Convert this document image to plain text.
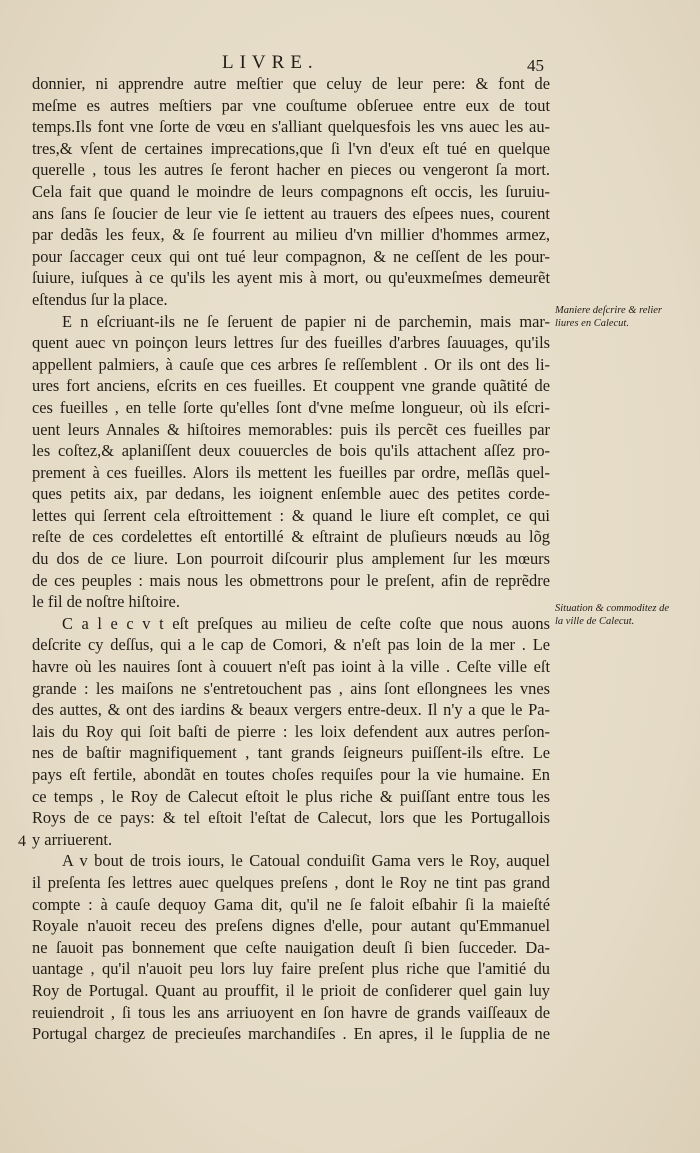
LIVRE.	45
donnier, ni apprendre autre meſtier que celuy de leur pere: & font de
meſme es autres meſtiers par vne couſtume obſeruee entre eux de tout
temps.Ils font vne ſorte de vœu en s'alliant quelquesfois les vns auec les au-
tres,& vſent de certaines imprecations,que ſi l'vn d'eux eſt tué en quelque
querelle , tous les autres ſe feront hacher en pieces ou vengeront ſa mort.
Cela fait que quand le moindre de leurs compagnons eſt occis, les ſuruiu-
ans ſans ſe ſoucier de leur vie ſe iettent au trauers des eſpees nues, courent
par dedãs les feux, & ſe fourrent au milieu d'vn millier d'hommes armez,
pour ſaccager ceux qui ont tué leur compagnon, & ne ceſſent de les pour-
ſuiure, iuſques à ce qu'ils les ayent mis à mort, ou qu'euxmeſmes demeurẽt
eſtendus ſur la place.
E n eſcriuant-ils ne ſe ſeruent de papier ni de parchemin, mais mar-
quent auec vn poinçon leurs lettres ſur des fueilles d'arbres ſauuages, qu'ils
appellent palmiers, à cauſe que ces arbres ſe reſſemblent . Or ils ont des li-
ures fort anciens, eſcrits en ces fueilles. Et couppent vne grande quãtité de
ces fueilles , en telle ſorte qu'elles ſont d'vne meſme longueur, où ils eſcri-
uent leurs Annales & hiſtoires memorables: puis ils percẽt ces fueilles par
les coſtez,& aplaniſſent deux couuercles de bois qu'ils attachent aſſez pro-
prement à ces fueilles. Alors ils mettent les fueilles par ordre, meſlãs quel-
ques petits aix, par dedans, les ioignent enſemble auec des petites corde-
lettes qui ſerrent cela eſtroittement : & quand le liure eſt complet, ce qui
reſte de ces cordelettes eſt entortillé & eſtraint de pluſieurs nœuds au lõg
du dos de ce liure. Lon pourroit diſcourir plus amplement ſur les mœurs
de ces peuples : mais nous les obmettrons pour le preſent, afin de reprẽdre
le fil de noſtre hiſtoire.
C a l e c v t eſt preſques au milieu de ceſte coſte que nous auons
deſcrite cy deſſus, qui a le cap de Comori, & n'eſt pas loin de la mer . Le
havre où les nauires ſont à couuert n'eſt pas ioint à la ville . Ceſte ville eſt
grande : les maiſons ne s'entretouchent pas , ains ſont eſlongnees les vnes
des auttes, & ont des iardins & beaux vergers entre-deux. Il n'y a que le Pa-
lais du Roy qui ſoit baſti de pierre : les loix defendent aux autres perſon-
nes de baſtir magnifiquement , tant grands ſeigneurs puiſſent-ils eſtre. Le
pays eſt fertile, abondãt en toutes choſes requiſes pour la vie humaine. En
ce temps , le Roy de Calecut eſtoit le plus riche & puiſſant entre tous les
Roys de ce pays: & tel eſtoit l'eſtat de Calecut, lors que les Portugallois
y arriuerent.
A v bout de trois iours, le Catoual conduiſit Gama vers le Roy, auquel
il preſenta ſes lettres auec quelques preſens , dont le Roy ne tint pas grand
compte : à cauſe dequoy Gama dit, qu'il ne ſe faloit eſbahir ſi la maieſté
Royale n'auoit receu des preſens dignes d'elle, pour autant qu'Emmanuel
ne ſauoit pas bonnement que ceſte nauigation deuſt ſi bien ſucceder. Da-
uantage , qu'il n'auoit peu lors luy faire preſent plus riche que l'amitié du
Roy de Portugal. Quant au prouffit, il le prioit de conſiderer quel gain luy
reuiendroit , ſi tous les ans arriuoyent en ſon havre de grands vaiſſeaux de
Portugal chargez de precieuſes marchandiſes . En apres, il le ſupplia de ne
Maniere deſcrire & relier liures en Calecut.
Situation & commoditez de la ville de Calecut.
4
